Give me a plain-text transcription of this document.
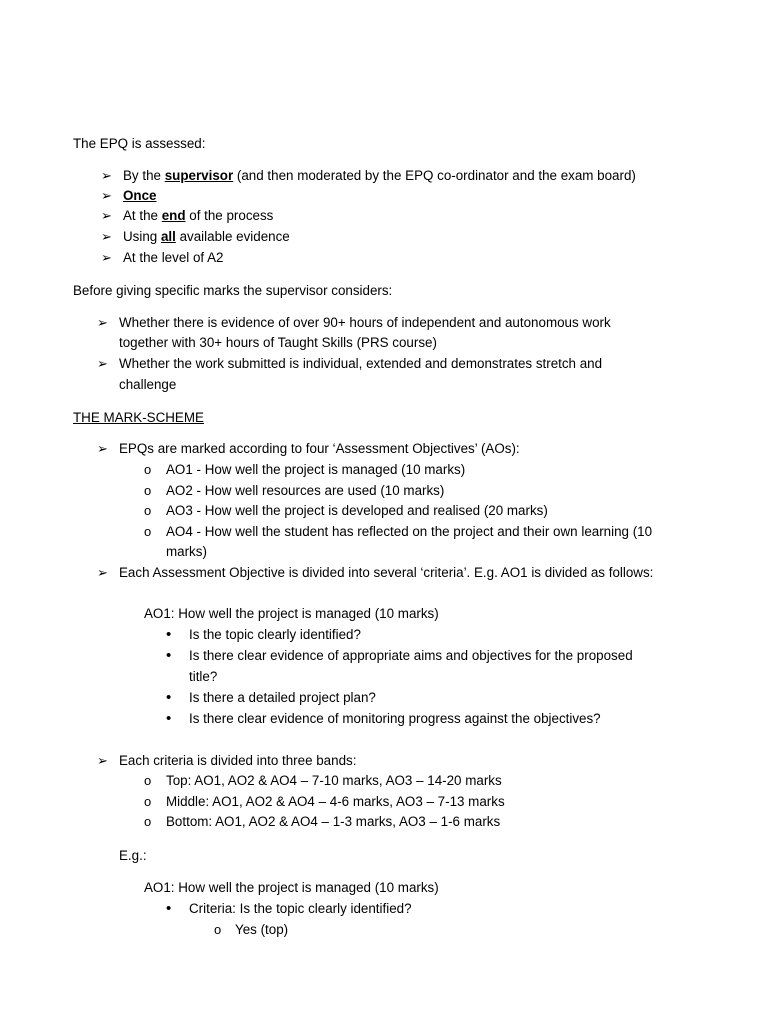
The EPQ is assessed:
➢ By the supervisor (and then moderated by the EPQ co-ordinator and the exam board)
➢ Once
➢ At the end of the process
➢ Using all available evidence
➢ At the level of A2
Before giving specific marks the supervisor considers:
➢ Whether there is evidence of over 90+ hours of independent and autonomous work
together with 30+ hours of Taught Skills (PRS course)
➢ Whether the work submitted is individual, extended and demonstrates stretch and
challenge
THE MARK-SCHEME
➢ EPQs are marked according to four ‘Assessment Objectives’ (AOs):
o AO1 - How well the project is managed (10 marks)
o AO2 - How well resources are used (10 marks)
o AO3 - How well the project is developed and realised (20 marks)
o AO4 - How well the student has reflected on the project and their own learning (10
marks)
➢ Each Assessment Objective is divided into several ‘criteria’. E.g. AO1 is divided as follows:
AO1: How well the project is managed (10 marks)
• Is the topic clearly identified?
• Is there clear evidence of appropriate aims and objectives for the proposed
title?
• Is there a detailed project plan?
• Is there clear evidence of monitoring progress against the objectives?
➢ Each criteria is divided into three bands:
o Top: AO1, AO2 & AO4 – 7-10 marks, AO3 – 14-20 marks
o Middle: AO1, AO2 & AO4 – 4-6 marks, AO3 – 7-13 marks
o Bottom: AO1, AO2 & AO4 – 1-3 marks, AO3 – 1-6 marks
E.g.:
AO1: How well the project is managed (10 marks)
• Criteria: Is the topic clearly identified?
o Yes (top)
